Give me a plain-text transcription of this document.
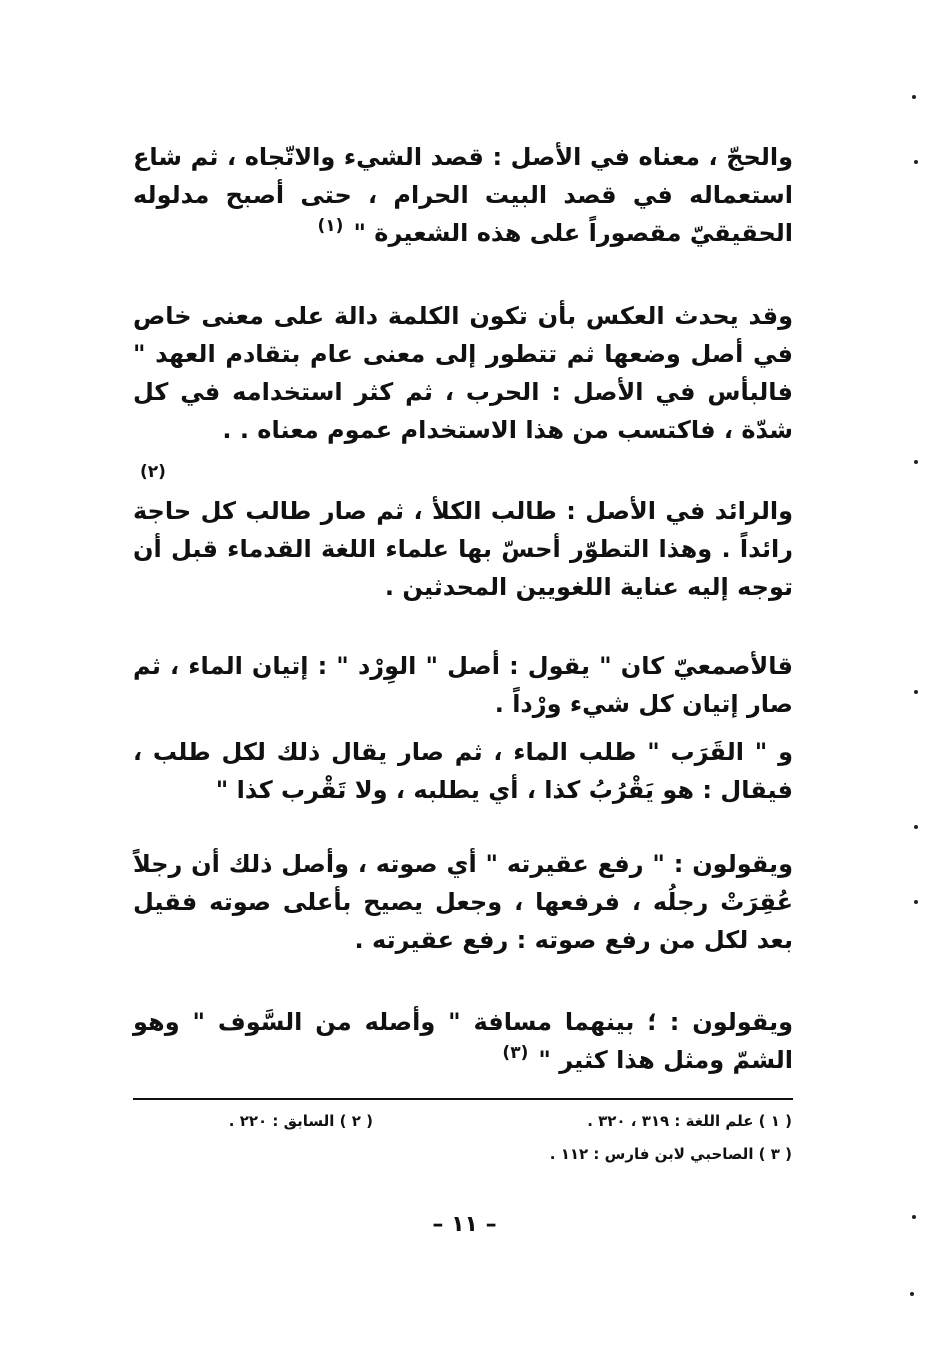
والحجّ ، معناه في الأصل : قصد الشيء والاتّجاه ، ثم شاع استعماله في قصد البيت الحرام ، حتى أصبح مدلوله الحقيقيّ مقصوراً على هذه الشعيرة "$^{(١)}$

وقد يحدث العكس بأن تكون الكلمة دالة على معنى خاص في أصل وضعها ثم تتطور إلى معنى عام بتقادم العهد " فالبأس في الأصل : الحرب ، ثم كثر استخدامه في كل شدّة ، فاكتسب من هذا الاستخدام عموم معناه . .

(٢)

والرائد في الأصل : طالب الكلأ ، ثم صار طالب كل حاجة رائداً . وهذا التطوّر أحسّ بها علماء اللغة القدماء قبل أن توجه إليه عناية اللغويين المحدثين .

قالأصمعيّ كان " يقول : أصل " الوِرْد " : إتيان الماء ، ثم صار إتيان كل شيء ورْداً .

و " القَرَب " طلب الماء ، ثم صار يقال ذلك لكل طلب ، فيقال : هو يَقْرُبُ كذا ، أي يطلبه ، ولا تَقْرب كذا "

ويقولون : " رفع عقيرته " أي صوته ، وأصل ذلك أن رجلاً عُقِرَتْ رجلُه ، فرفعها ، وجعل يصيح بأعلى صوته فقيل بعد لكل من رفع صوته : رفع عقيرته .

ويقولون : ؛ بينهما مسافة " وأصله من السَّوف " وهو الشمّ ومثل هذا كثير "$^{(٣)}$

( ١ ) علم اللغة : ٣١٩ ، ٣٢٠ .
( ٢ ) السابق : ٢٢٠ .
( ٣ ) الصاحبي لابن فارس : ١١٢ .
– ١١ –
